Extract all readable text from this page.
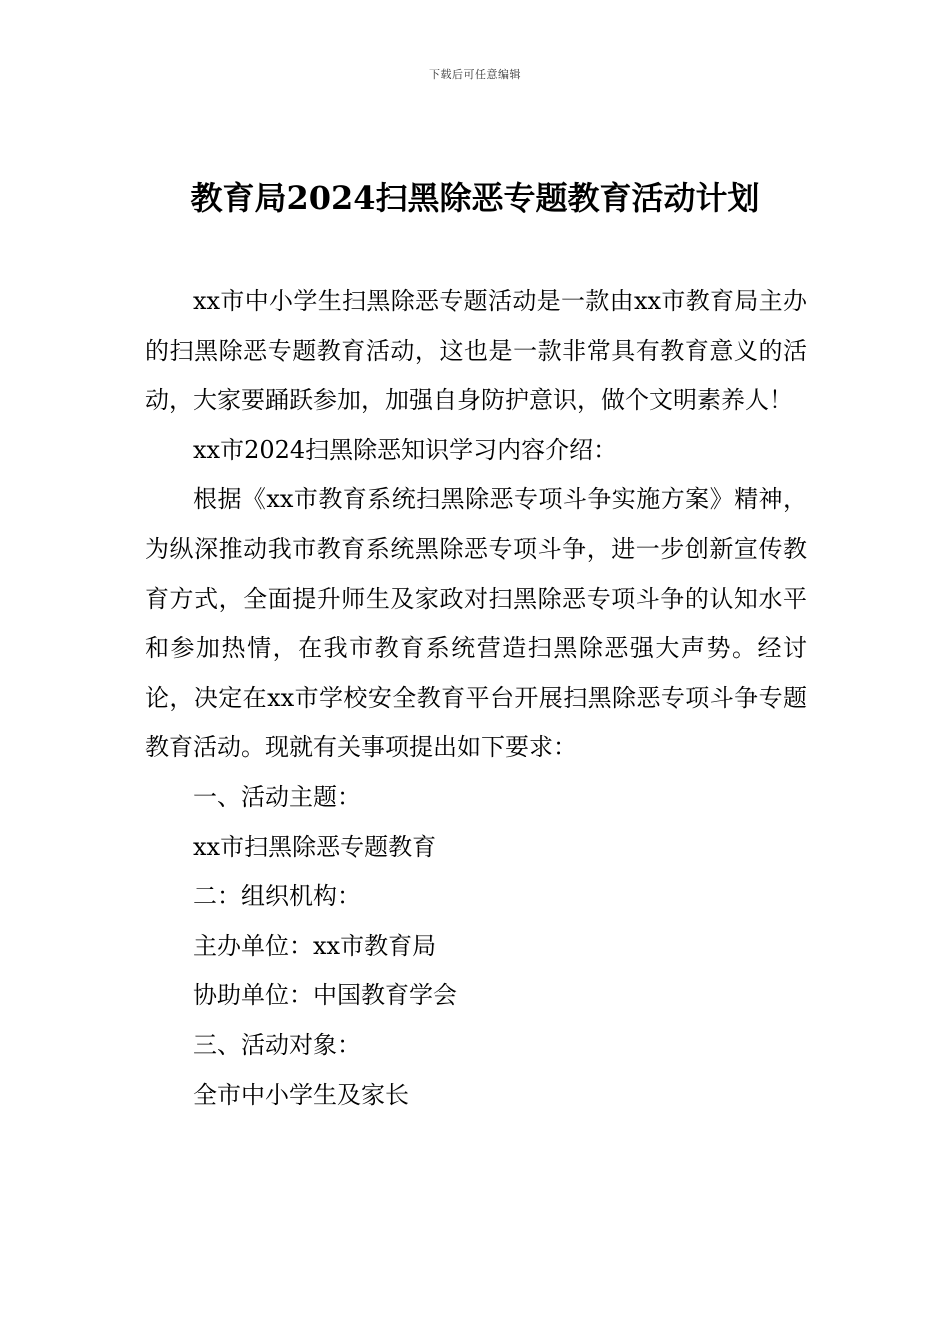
下载后可任意编辑
教育局2024扫黑除恶专题教育活动计划

xx市中小学生扫黑除恶专题活动是一款由xx市教育局主办的扫黑除恶专题教育活动，这也是一款非常具有教育意义的活动，大家要踊跃参加，加强自身防护意识，做个文明素养人！

xx市2024扫黑除恶知识学习内容介绍：

根据《xx市教育系统扫黑除恶专项斗争实施方案》精神，为纵深推动我市教育系统黑除恶专项斗争，进一步创新宣传教育方式，全面提升师生及家政对扫黑除恶专项斗争的认知水平和参加热情，在我市教育系统营造扫黑除恶强大声势。经讨论，决定在xx市学校安全教育平台开展扫黑除恶专项斗争专题教育活动。现就有关事项提出如下要求：

一、活动主题：

xx市扫黑除恶专题教育

二：组织机构：

主办单位：xx市教育局

协助单位：中国教育学会

三、活动对象：

全市中小学生及家长
